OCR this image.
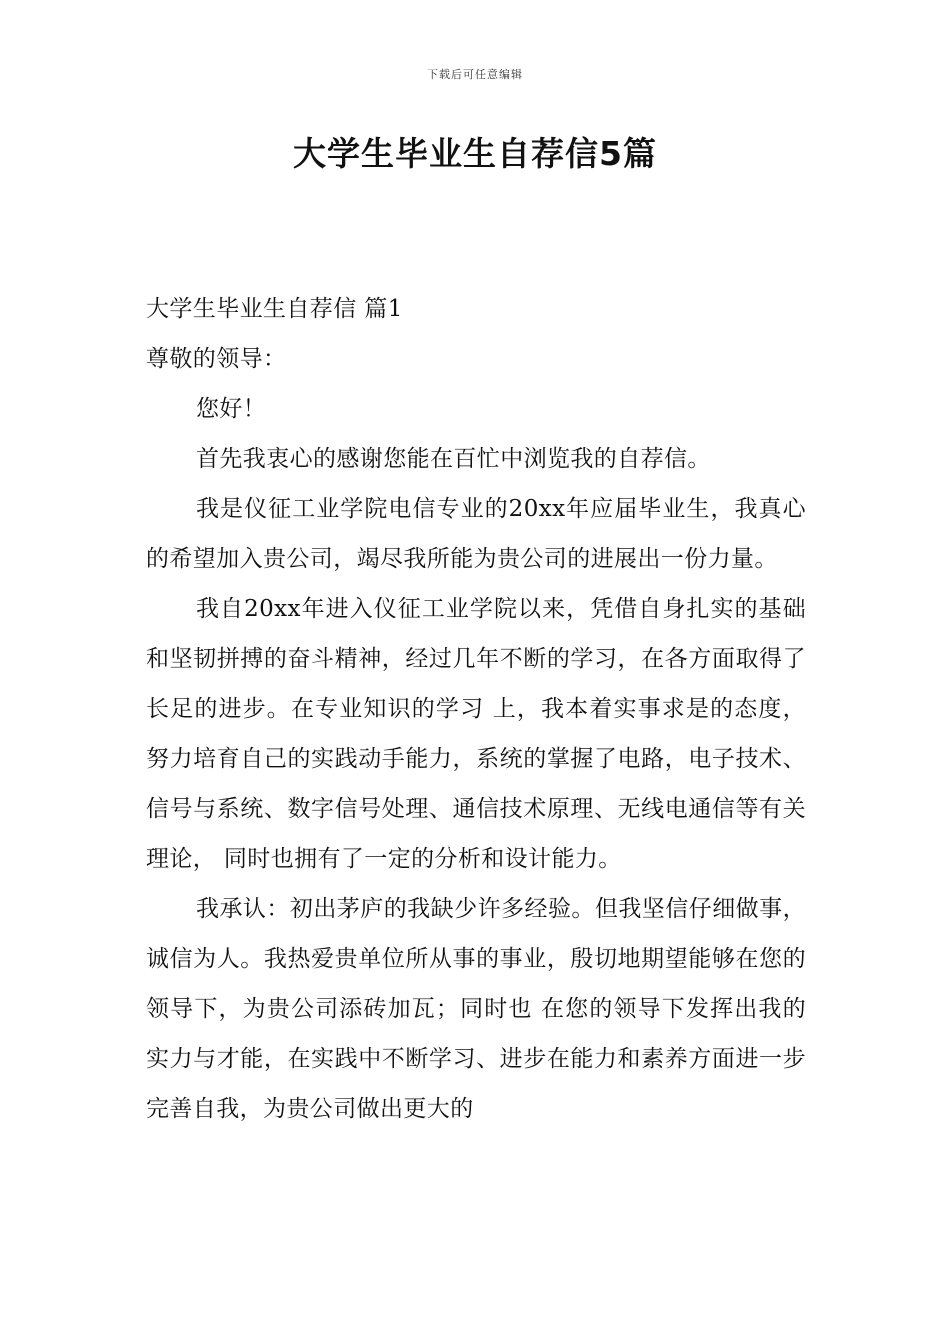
下载后可任意编辑
大学生毕业生自荐信5篇

大学生毕业生自荐信 篇1

尊敬的领导：

您好！

首先我衷心的感谢您能在百忙中浏览我的自荐信。

我是仪征工业学院电信专业的20xx年应届毕业生，我真心的希望加入贵公司，竭尽我所能为贵公司的进展出一份力量。

我自20xx年进入仪征工业学院以来，凭借自身扎实的基础和坚韧拼搏的奋斗精神，经过几年不断的学习，在各方面取得了长足的进步。在专业知识的学习 上，我本着实事求是的态度，努力培育自己的实践动手能力，系统的掌握了电路，电子技术、信号与系统、数字信号处理、通信技术原理、无线电通信等有关理论， 同时也拥有了一定的分析和设计能力。

我承认：初出茅庐的我缺少许多经验。但我坚信仔细做事，诚信为人。我热爱贵单位所从事的事业，殷切地期望能够在您的领导下，为贵公司添砖加瓦；同时也 在您的领导下发挥出我的实力与才能，在实践中不断学习、进步在能力和素养方面进一步完善自我，为贵公司做出更大的
